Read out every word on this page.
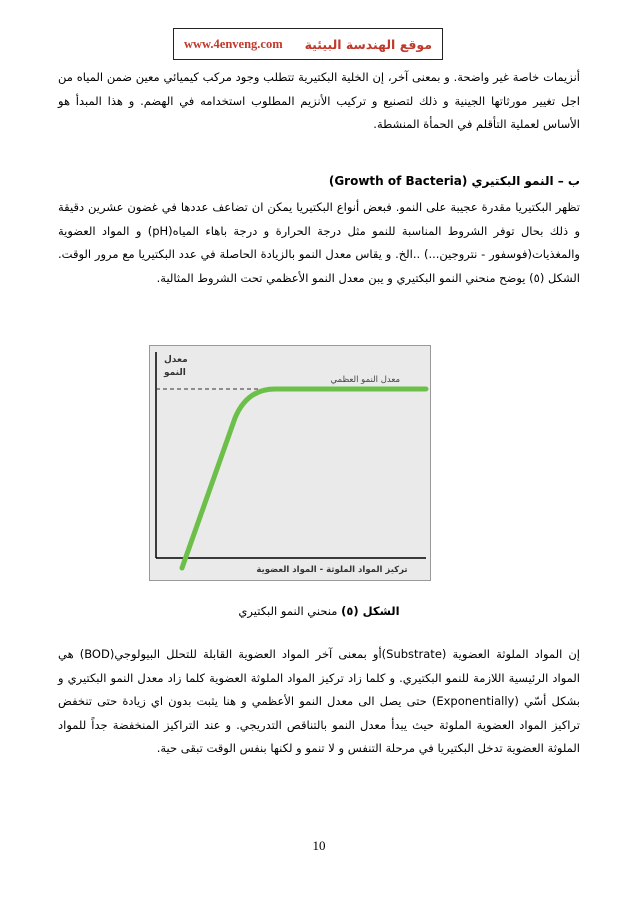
www.4enveng.com موقع الهندسة البيئية

أنزيمات خاصة غير واضحة. و بمعنى آخر، إن الخلية البكتيرية تتطلب وجود مركب كيميائي معين ضمن المياه من اجل تغيير مورثاتها الجينية و ذلك لتصنيع و تركيب الأنزيم المطلوب استخدامه في الهضم. و هذا المبدأ هو الأساس لعملية التأقلم في الحمأة المنشطة.

ب – النمو البكتيري (Growth of Bacteria)

تظهر البكتيريا مقدرة عجيبة على النمو. فبعض أنواع البكتيريا يمكن ان تضاعف عددها في غضون عشرين دقيقة و ذلك بحال توفر الشروط المناسبة للنمو مثل درجة الحرارة و درجة باهاء المياه(pH) و المواد العضوية والمغذيات(فوسفور - نتروجين...) ..الخ. و يقاس معدل النمو بالزيادة الحاصلة في عدد البكتيريا مع مرور الوقت. الشكل (٥) يوضح منحني النمو البكتيري و يبن معدل النمو الأعظمي تحت الشروط المثالية.

معدل
النمو
معدل النمو العظمي
تركيز المواد الملوثة - المواد العضوية
الشكل (٥) منحني النمو البكتيري

إن المواد الملوثة العضوية (Substrate)أو بمعنى آخر المواد العضوية القابلة للتحلل البيولوجي(BOD) هي المواد الرئيسية اللازمة للنمو البكتيري. و كلما زاد تركيز المواد الملوثة العضوية كلما زاد معدل النمو البكتيري و بشكل أسّي (Exponentially) حتى يصل الى معدل النمو الأعظمي و هنا يثبت بدون اي زيادة حتى تنخفض تراكيز المواد العضوية الملوثة حيث يبدأ معدل النمو بالتناقص التدريجي. و عند التراكيز المنخفضة جداً للمواد الملوثة العضوية تدخل البكتيريا في مرحلة التنفس و لا تنمو و لكنها بنفس الوقت تبقى حية.

10
